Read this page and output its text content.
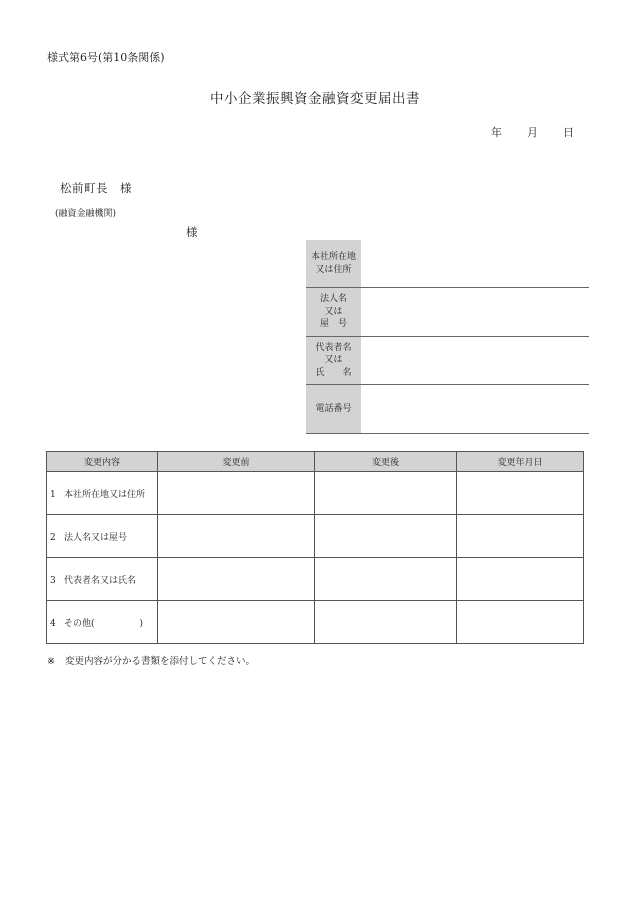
様式第6号(第10条関係)
中小企業振興資金融資変更届出書
年 月 日
松前町長　様
(融資金融機関)
様
本社所在地
又は住所
法人名
又は
屋　号
代表者名
又は
氏　　名
電話番号
変更内容	変更前	変更後	変更年月日
1 本社所在地又は住所			
2 法人名又は屋号			
3 代表者名又は氏名			
4 その他(　　　　　)			
※ 変更内容が分かる書類を添付してください。
